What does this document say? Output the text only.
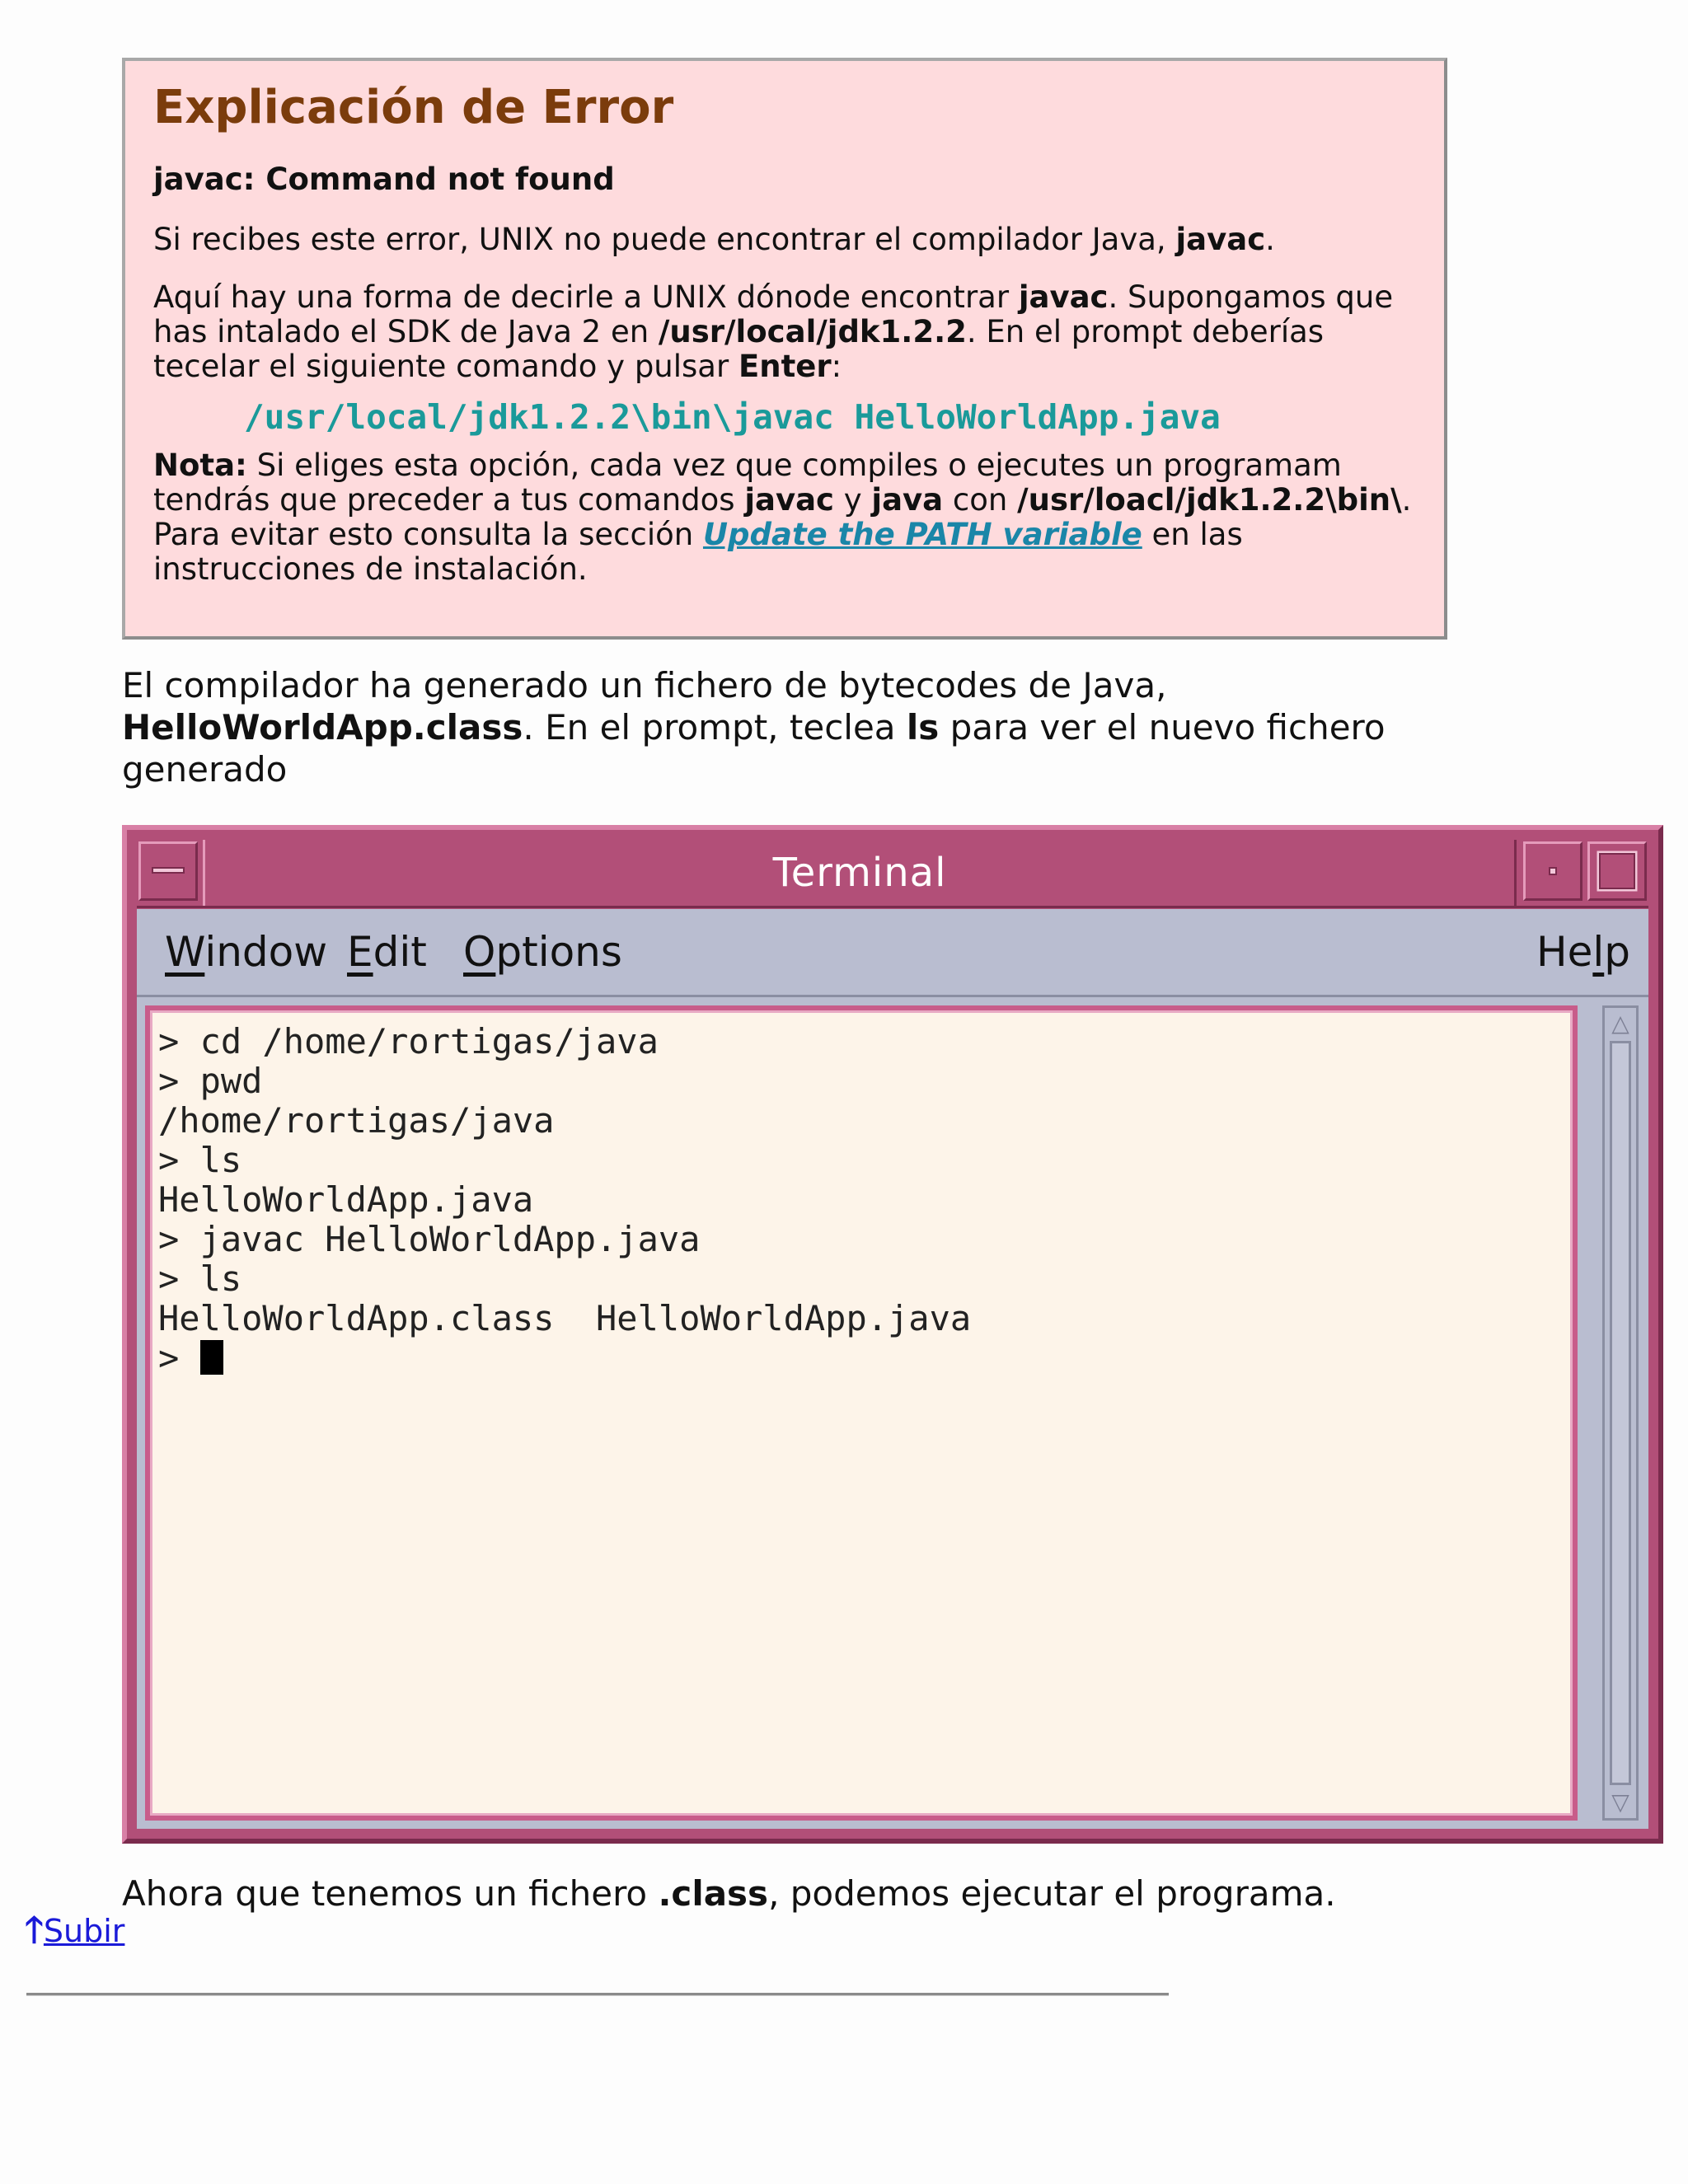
Explicación de Error

javac: Command not found

Si recibes este error, UNIX no puede encontrar el compilador Java, javac.

Aquí hay una forma de decirle a UNIX dónode encontrar javac. Supongamos que has intalado el SDK de Java 2 en /usr/local/jdk1.2.2. En el prompt deberías tecelar el siguiente comando y pulsar Enter:

/usr/local/jdk1.2.2\bin\javac HelloWorldApp.java

Nota: Si eliges esta opción, cada vez que compiles o ejecutes un programam tendrás que preceder a tus comandos javac y java con /usr/loacl/jdk1.2.2\bin\. Para evitar esto consulta la sección Update the PATH variable en las instrucciones de instalación.

El compilador ha generado un fichero de bytecodes de Java, HelloWorldApp.class. En el prompt, teclea ls para ver el nuevo fichero generado

Terminal
Window Edit Options	Help
> cd /home/rortigas/java
> pwd
/home/rortigas/java
> ls
HelloWorldApp.java
> javac HelloWorldApp.java
> ls
HelloWorldApp.class  HelloWorldApp.java
>
△
▽

Ahora que tenemos un fichero .class, podemos ejecutar el programa.

🡑Subir
